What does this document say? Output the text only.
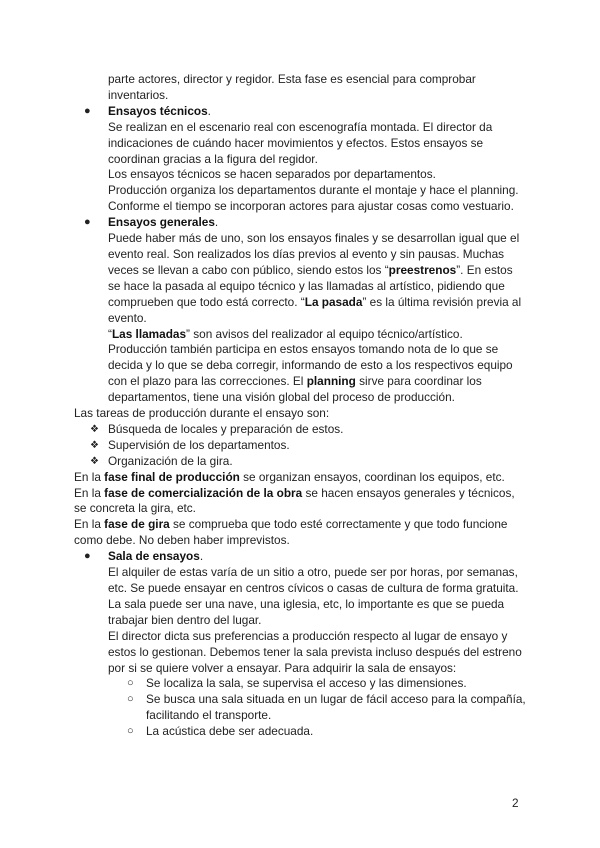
parte actores, director y regidor. Esta fase es esencial para comprobar inventarios.

● Ensayos técnicos.

Se realizan en el escenario real con escenografía montada. El director da indicaciones de cuándo hacer movimientos y efectos. Estos ensayos se coordinan gracias a la figura del regidor.

Los ensayos técnicos se hacen separados por departamentos.

Producción organiza los departamentos durante el montaje y hace el planning.

Conforme el tiempo se incorporan actores para ajustar cosas como vestuario.

● Ensayos generales.

Puede haber más de uno, son los ensayos finales y se desarrollan igual que el evento real. Son realizados los días previos al evento y sin pausas. Muchas veces se llevan a cabo con público, siendo estos los “preestrenos”. En estos se hace la pasada al equipo técnico y las llamadas al artístico, pidiendo que comprueben que todo está correcto. “La pasada” es la última revisión previa al evento.

“Las llamadas” son avisos del realizador al equipo técnico/artístico.

Producción también participa en estos ensayos tomando nota de lo que se decida y lo que se deba corregir, informando de esto a los respectivos equipo con el plazo para las correcciones. El planning sirve para coordinar los departamentos, tiene una visión global del proceso de producción.

Las tareas de producción durante el ensayo son:

❖ Búsqueda de locales y preparación de estos.
❖ Supervisión de los departamentos.
❖ Organización de la gira.

En la fase final de producción se organizan ensayos, coordinan los equipos, etc.

En la fase de comercialización de la obra se hacen ensayos generales y técnicos, se concreta la gira, etc.

En la fase de gira se comprueba que todo esté correctamente y que todo funcione como debe. No deben haber imprevistos.

● Sala de ensayos.

El alquiler de estas varía de un sitio a otro, puede ser por horas, por semanas, etc. Se puede ensayar en centros cívicos o casas de cultura de forma gratuita. La sala puede ser una nave, una iglesia, etc, lo importante es que se pueda trabajar bien dentro del lugar.

El director dicta sus preferencias a producción respecto al lugar de ensayo y estos lo gestionan. Debemos tener la sala prevista incluso después del estreno por si se quiere volver a ensayar. Para adquirir la sala de ensayos:

○ Se localiza la sala, se supervisa el acceso y las dimensiones.
○ Se busca una sala situada en un lugar de fácil acceso para la compañía, facilitando el transporte.
○ La acústica debe ser adecuada.
2
